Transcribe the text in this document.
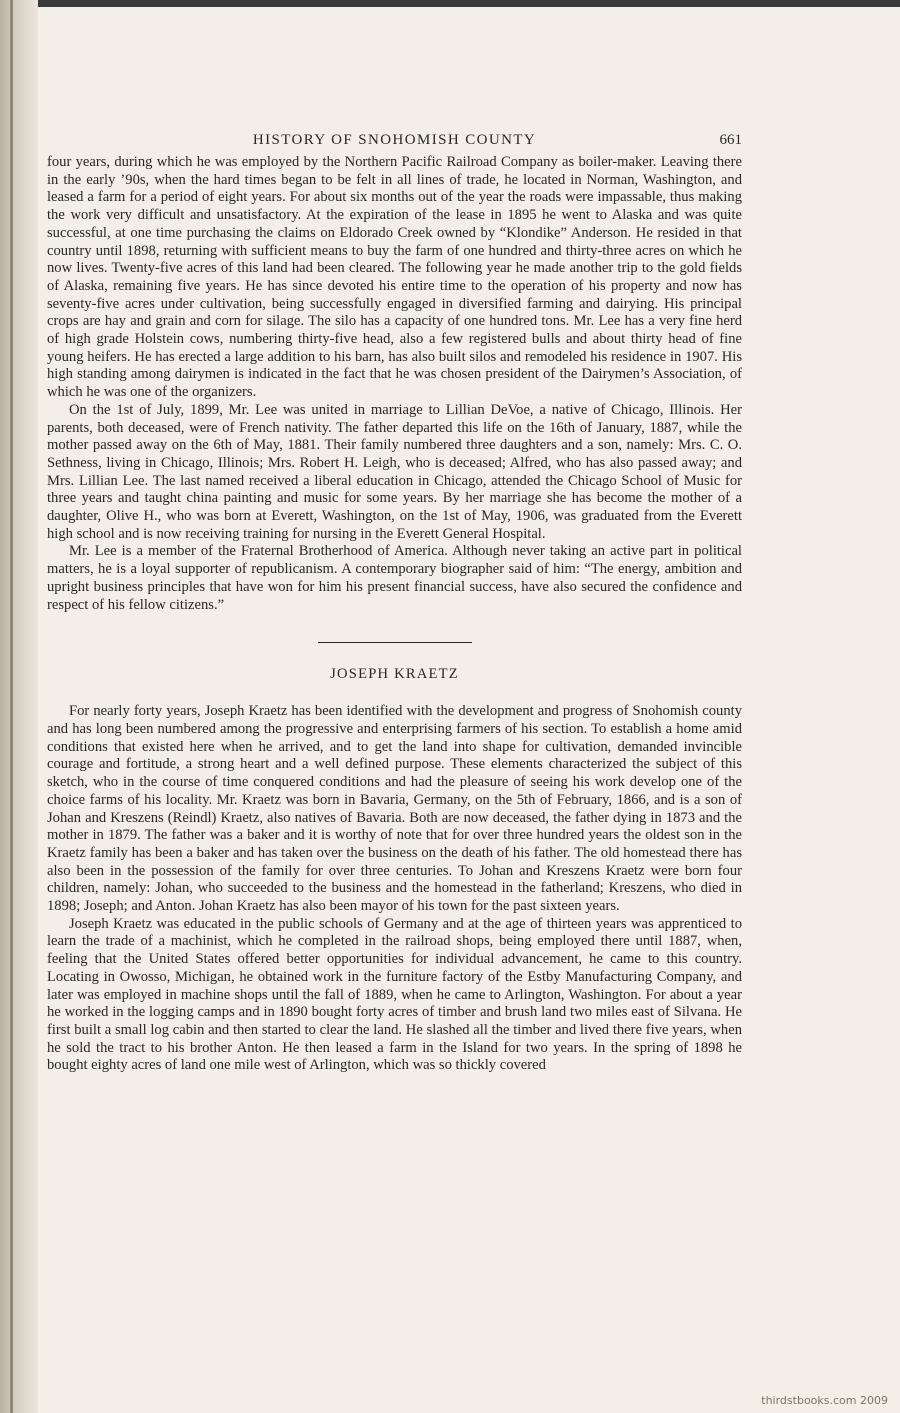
HISTORY OF SNOHOMISH COUNTY	661

four years, during which he was employed by the Northern Pacific Railroad Company as boiler-maker. Leaving there in the early ’90s, when the hard times began to be felt in all lines of trade, he located in Norman, Washington, and leased a farm for a period of eight years. For about six months out of the year the roads were impassable, thus making the work very difficult and unsatisfactory. At the expiration of the lease in 1895 he went to Alaska and was quite successful, at one time purchasing the claims on Eldorado Creek owned by “Klondike” Anderson. He resided in that country until 1898, returning with sufficient means to buy the farm of one hundred and thirty-three acres on which he now lives. Twenty-five acres of this land had been cleared. The following year he made another trip to the gold fields of Alaska, remaining five years. He has since devoted his entire time to the operation of his property and now has seventy-five acres under cultivation, being successfully engaged in diversified farming and dairying. His principal crops are hay and grain and corn for silage. The silo has a capacity of one hundred tons. Mr. Lee has a very fine herd of high grade Holstein cows, numbering thirty-five head, also a few registered bulls and about thirty head of fine young heifers. He has erected a large addition to his barn, has also built silos and remodeled his residence in 1907. His high standing among dairymen is indicated in the fact that he was chosen president of the Dairymen’s Association, of which he was one of the organizers.

On the 1st of July, 1899, Mr. Lee was united in marriage to Lillian DeVoe, a native of Chicago, Illinois. Her parents, both deceased, were of French nativity. The father departed this life on the 16th of January, 1887, while the mother passed away on the 6th of May, 1881. Their family numbered three daughters and a son, namely: Mrs. C. O. Sethness, living in Chicago, Illinois; Mrs. Robert H. Leigh, who is deceased; Alfred, who has also passed away; and Mrs. Lillian Lee. The last named received a liberal education in Chicago, attended the Chicago School of Music for three years and taught china painting and music for some years. By her marriage she has become the mother of a daughter, Olive H., who was born at Everett, Washington, on the 1st of May, 1906, was graduated from the Everett high school and is now receiving training for nursing in the Everett General Hospital.

Mr. Lee is a member of the Fraternal Brotherhood of America. Although never taking an active part in political matters, he is a loyal supporter of republicanism. A contemporary biographer said of him: “The energy, ambition and upright business principles that have won for him his present financial success, have also secured the confidence and respect of his fellow citizens.”

JOSEPH KRAETZ

For nearly forty years, Joseph Kraetz has been identified with the development and progress of Snohomish county and has long been numbered among the progressive and enterprising farmers of his section. To establish a home amid conditions that existed here when he arrived, and to get the land into shape for cultivation, demanded invincible courage and fortitude, a strong heart and a well defined purpose. These elements characterized the subject of this sketch, who in the course of time conquered conditions and had the pleasure of seeing his work develop one of the choice farms of his locality. Mr. Kraetz was born in Bavaria, Germany, on the 5th of February, 1866, and is a son of Johan and Kreszens (Reindl) Kraetz, also natives of Bavaria. Both are now deceased, the father dying in 1873 and the mother in 1879. The father was a baker and it is worthy of note that for over three hundred years the oldest son in the Kraetz family has been a baker and has taken over the business on the death of his father. The old homestead there has also been in the possession of the family for over three centuries. To Johan and Kreszens Kraetz were born four children, namely: Johan, who succeeded to the business and the homestead in the fatherland; Kreszens, who died in 1898; Joseph; and Anton. Johan Kraetz has also been mayor of his town for the past sixteen years.

Joseph Kraetz was educated in the public schools of Germany and at the age of thirteen years was apprenticed to learn the trade of a machinist, which he completed in the railroad shops, being employed there until 1887, when, feeling that the United States offered better opportunities for individual advancement, he came to this country. Locating in Owosso, Michigan, he obtained work in the furniture factory of the Estby Manufacturing Company, and later was employed in machine shops until the fall of 1889, when he came to Arlington, Washington. For about a year he worked in the logging camps and in 1890 bought forty acres of timber and brush land two miles east of Silvana. He first built a small log cabin and then started to clear the land. He slashed all the timber and lived there five years, when he sold the tract to his brother Anton. He then leased a farm in the Island for two years. In the spring of 1898 he bought eighty acres of land one mile west of Arlington, which was so thickly covered

thirdstbooks.com 2009
